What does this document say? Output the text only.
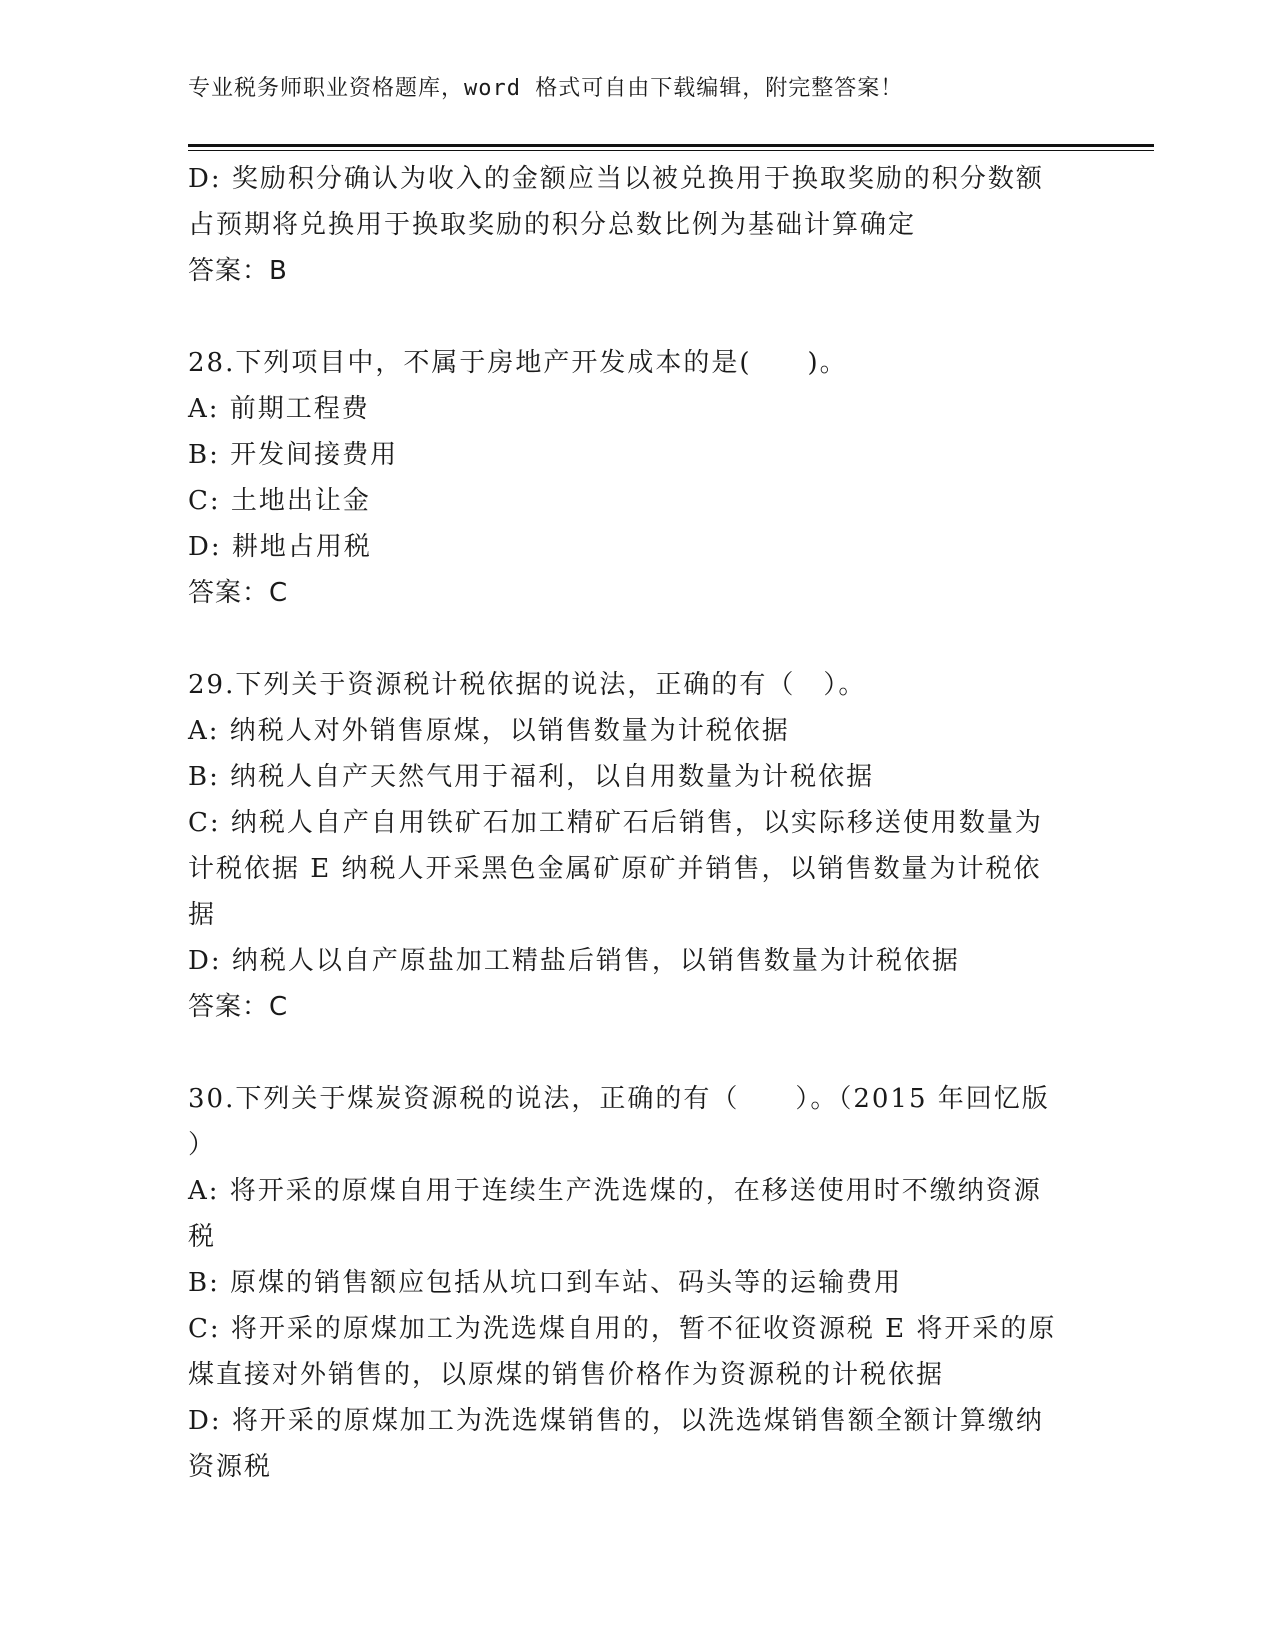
专业税务师职业资格题库，word 格式可自由下载编辑，附完整答案！
D: 奖励积分确认为收入的金额应当以被兑换用于换取奖励的积分数额
占预期将兑换用于换取奖励的积分总数比例为基础计算确定
答案：B
28.下列项目中，不属于房地产开发成本的是(　　)。
A: 前期工程费
B: 开发间接费用
C: 土地出让金
D: 耕地占用税
答案：C
29.下列关于资源税计税依据的说法，正确的有（　）。
A: 纳税人对外销售原煤，以销售数量为计税依据
B: 纳税人自产天然气用于福利，以自用数量为计税依据
C: 纳税人自产自用铁矿石加工精矿石后销售，以实际移送使用数量为
计税依据 E 纳税人开采黑色金属矿原矿并销售，以销售数量为计税依
据
D: 纳税人以自产原盐加工精盐后销售，以销售数量为计税依据
答案：C
30.下列关于煤炭资源税的说法，正确的有（　　）。（2015 年回忆版
）
A: 将开采的原煤自用于连续生产洗选煤的，在移送使用时不缴纳资源
税
B: 原煤的销售额应包括从坑口到车站、码头等的运输费用
C: 将开采的原煤加工为洗选煤自用的，暂不征收资源税 E 将开采的原
煤直接对外销售的，以原煤的销售价格作为资源税的计税依据
D: 将开采的原煤加工为洗选煤销售的，以洗选煤销售额全额计算缴纳
资源税
